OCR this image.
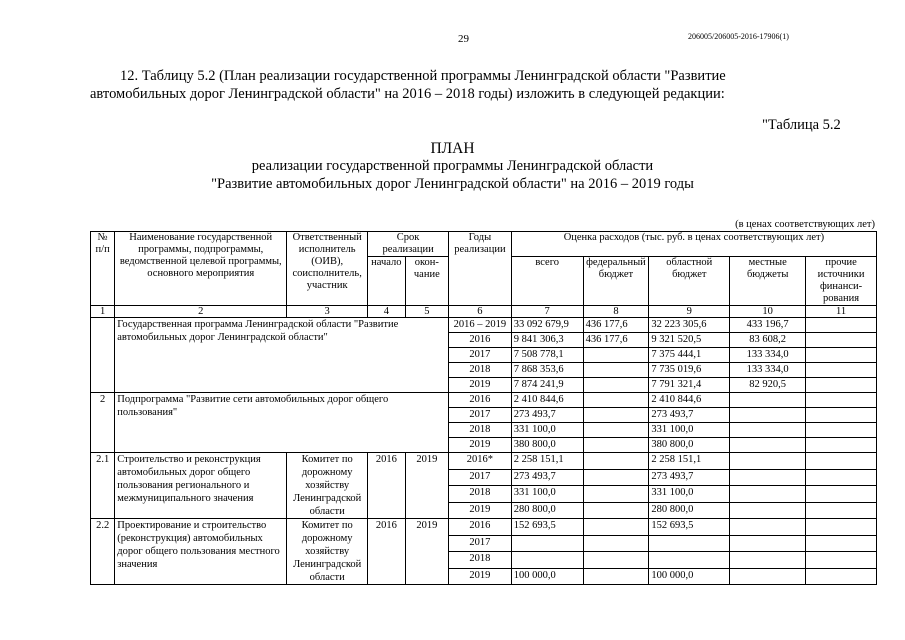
29	206005/206005-2016-17906(1)
12. Таблицу 5.2 (План реализации государственной программы Ленинградской области "Развитие
автомобильных дорог Ленинградской области" на 2016 – 2018 годы) изложить в следующей редакции:
"Таблица 5.2
ПЛАН
реализации государственной программы Ленинградской области
"Развитие автомобильных дорог Ленинградской области" на 2016 – 2019 годы
(в ценах соответствующих лет)
№ п/п	Наименование государственной программы, подпрограммы, ведомственной целевой программы, основного мероприятия	Ответственный исполнитель (ОИВ), соисполнитель, участник	Срок реализации		Годы реализации	Оценка расходов (тыс. руб. в ценах соответствующих лет)				
			начало	окон-чание		всего	федеральный бюджет	областной бюджет	местные бюджеты	прочие источники финанси-рования
1	2	3	4	5	6	7	8	9	10	11
	Государственная программа Ленинградской области "Развитие автомобильных дорог Ленинградской области"				2016 – 2019	33 092 679,9	436 177,6	32 223 305,6	433 196,7	
					2016	9 841 306,3	436 177,6	9 321 520,5	83 608,2	
					2017	7 508 778,1		7 375 444,1	133 334,0	
					2018	7 868 353,6		7 735 019,6	133 334,0	
					2019	7 874 241,9		7 791 321,4	82 920,5	
2	Подпрограмма "Развитие сети автомобильных дорог общего пользования"				2016	2 410 844,6		2 410 844,6		
					2017	273 493,7		273 493,7		
					2018	331 100,0		331 100,0		
					2019	380 800,0		380 800,0		
2.1	Строительство и реконструкция автомобильных дорог общего пользования регионального и межмуниципального значения	Комитет по дорожному хозяйству Ленинградской области	2016	2019	2016*	2 258 151,1		2 258 151,1		
					2017	273 493,7		273 493,7		
					2018	331 100,0		331 100,0		
					2019	280 800,0		280 800,0		
2.2	Проектирование и строительство (реконструкция) автомобильных дорог общего пользования местного значения	Комитет по дорожному хозяйству Ленинградской области	2016	2019	2016	152 693,5		152 693,5		
					2017					
					2018					
					2019	100 000,0		100 000,0		
